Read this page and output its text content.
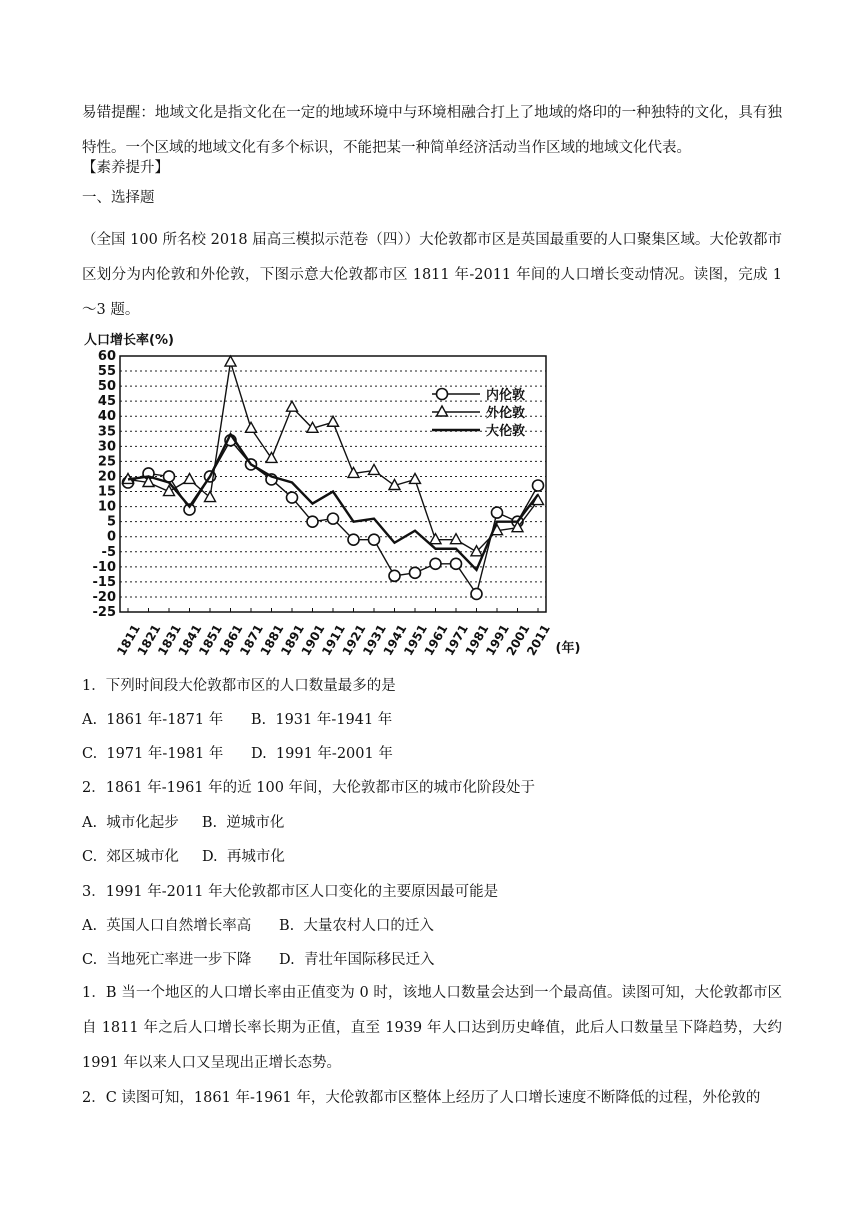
易错提醒：地域文化是指文化在一定的地域环境中与环境相融合打上了地域的烙印的一种独特的文化，具有独特性。一个区域的地域文化有多个标识，不能把某一种简单经济活动当作区域的地域文化代表。

【素养提升】
一、选择题

（全国 100 所名校 2018 届高三模拟示范卷（四））大伦敦都市区是英国最重要的人口聚集区域。大伦敦都市区划分为内伦敦和外伦敦，下图示意大伦敦都市区 1811 年-2011 年间的人口增长变动情况。读图，完成 1～3 题。

人口增长率(%)
(年)
60
55
50
45
40
35
30
25
20
15
10
5
0
-5
-10
-15
-20
-25
1811
1821
1831
1841
1851
1861
1871
1881
1891
1901
1911
1921
1931
1941
1951
1961
1971
1981
1991
2001
2011
内伦敦
外伦敦
大伦敦
1．下列时间段大伦敦都市区的人口数量最多的是
A.  1861 年-1871 年      B.  1931 年-1941 年
C.  1971 年-1981 年      D.  1991 年-2001 年
2．1861 年-1961 年的近 100 年间，大伦敦都市区的城市化阶段处于
A.  城市化起步     B.  逆城市化
C.  郊区城市化     D.  再城市化
3．1991 年-2011 年大伦敦都市区人口变化的主要原因最可能是
A.  英国人口自然增长率高      B.  大量农村人口的迁入
C.  当地死亡率进一步下降      D.  青壮年国际移民迁入

1．B 当一个地区的人口增长率由正值变为 0 时，该地人口数量会达到一个最高值。读图可知，大伦敦都市区自 1811 年之后人口增长率长期为正值，直至 1939 年人口达到历史峰值，此后人口数量呈下降趋势，大约 1991 年以来人口又呈现出正增长态势。

2．C 读图可知，1861 年-1961 年，大伦敦都市区整体上经历了人口增长速度不断降低的过程，外伦敦的
